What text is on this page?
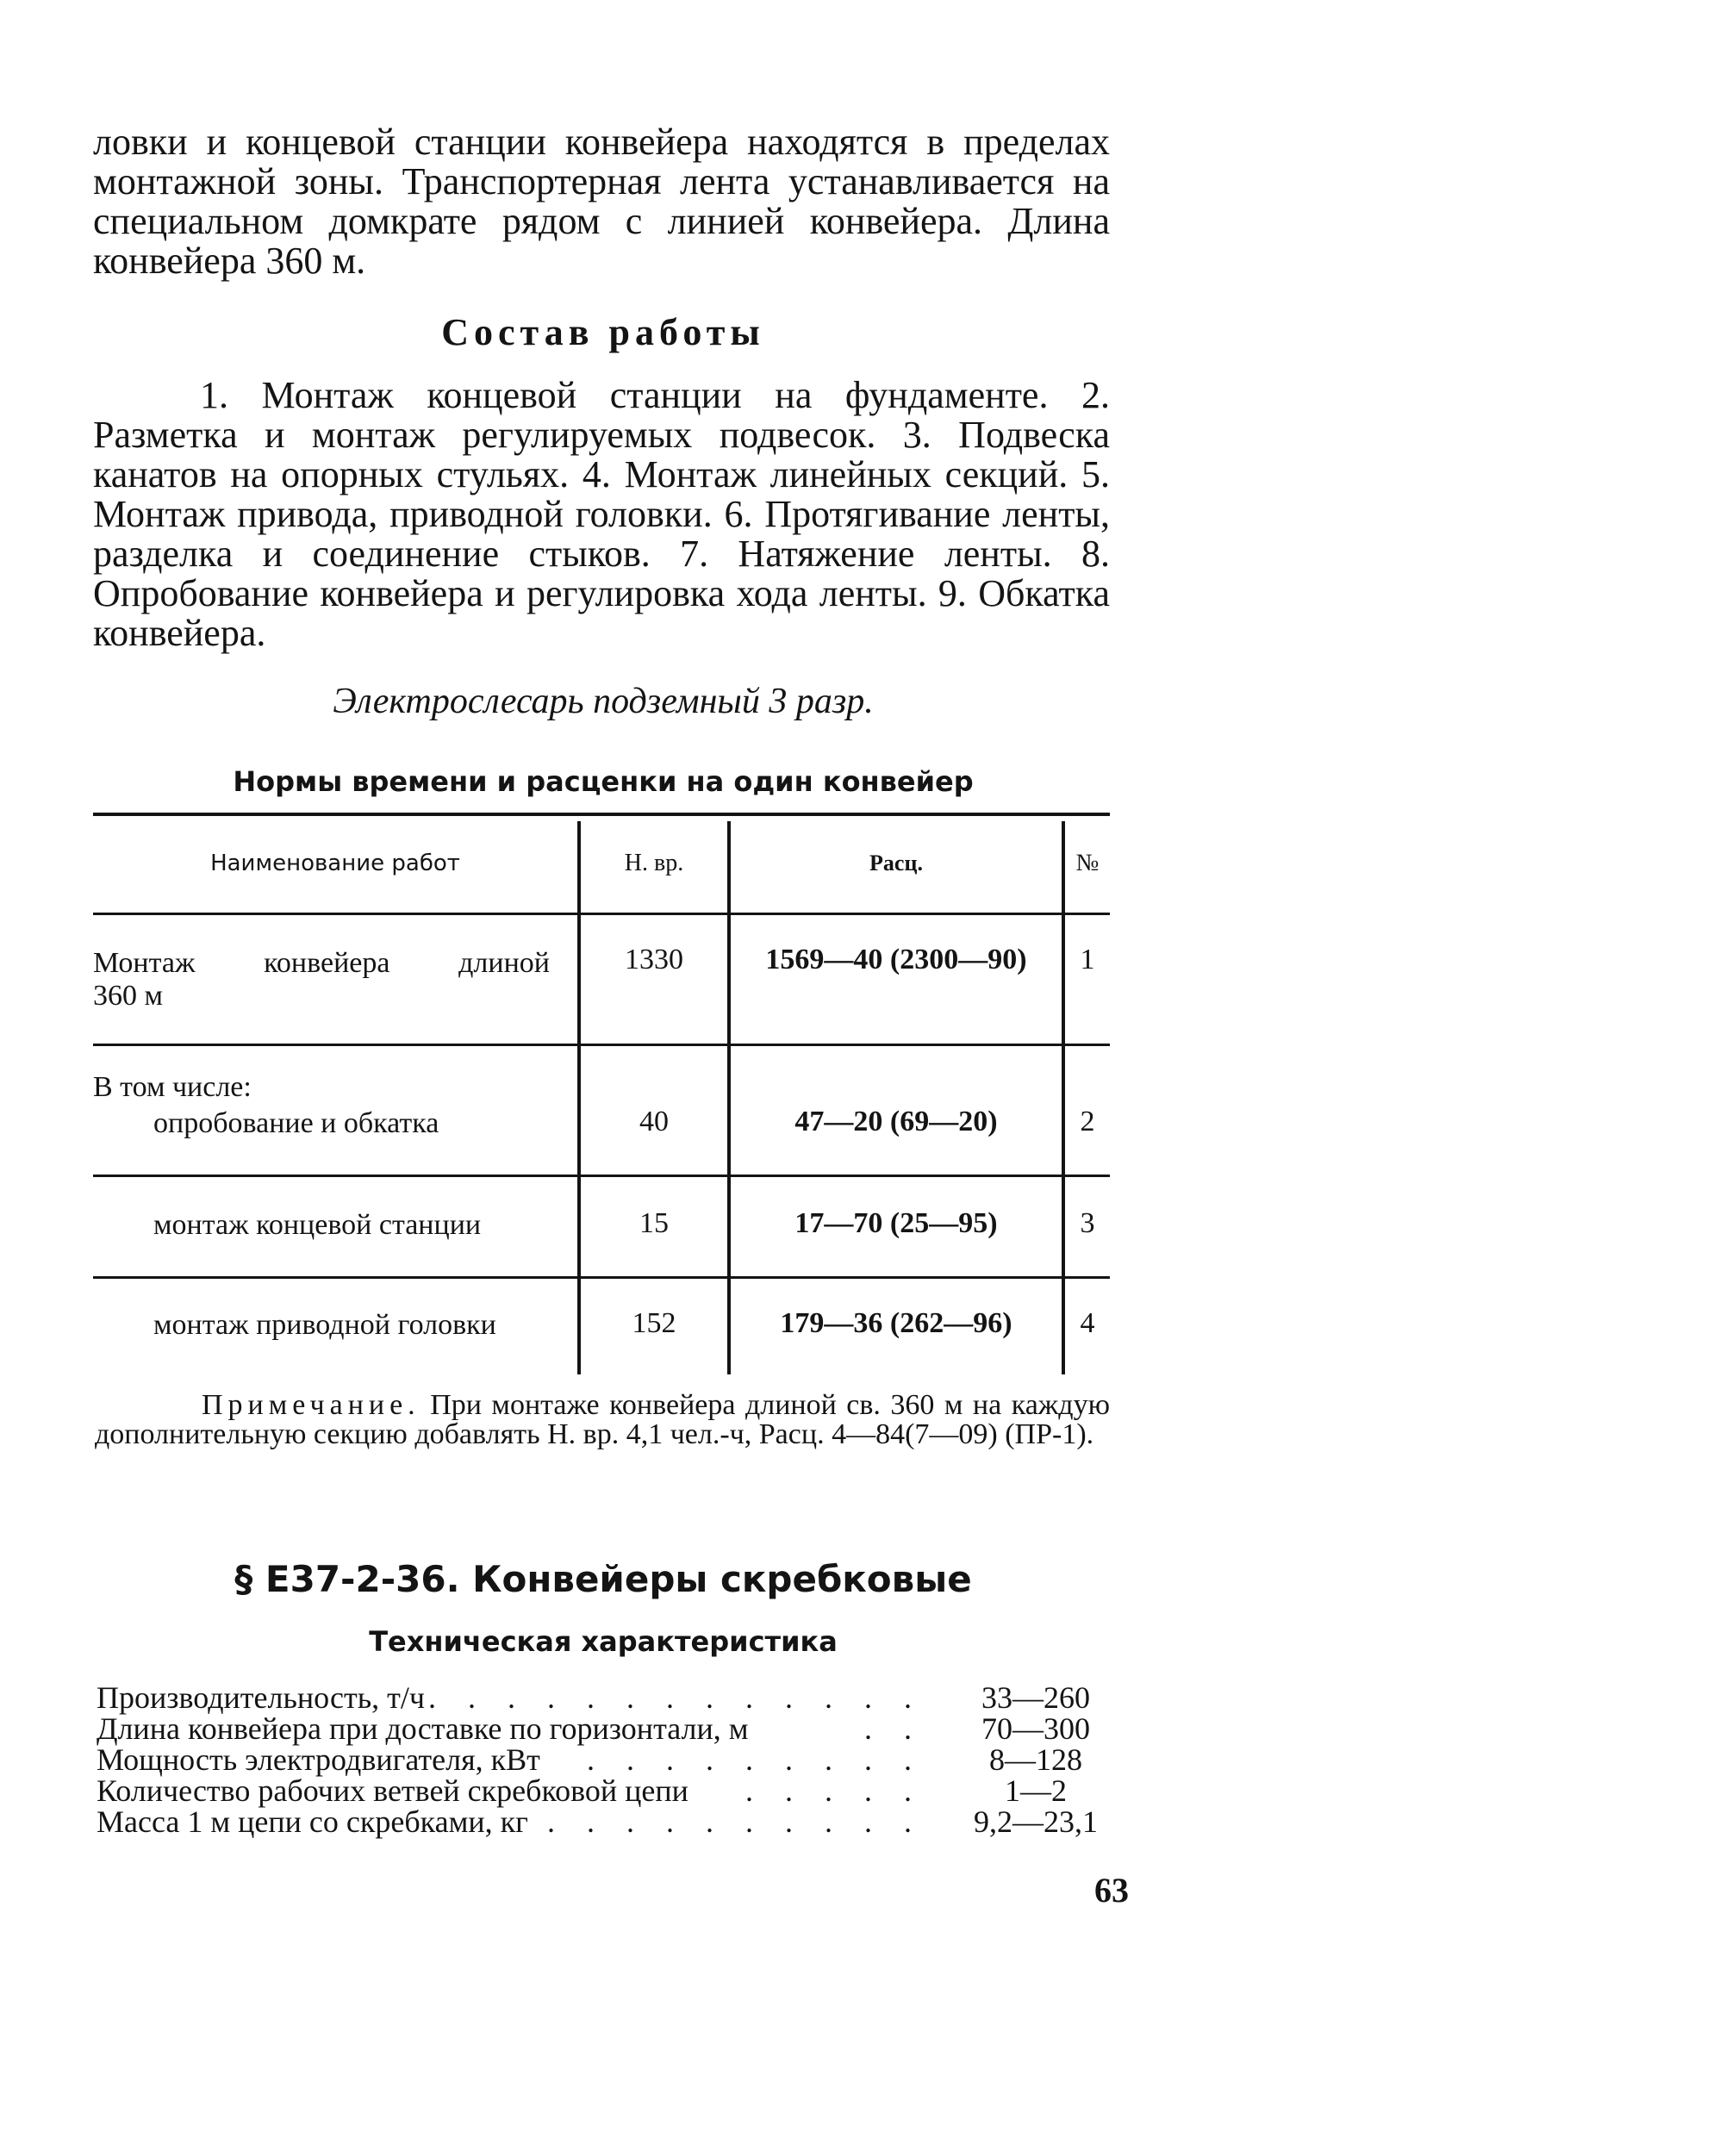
ловки и концевой станции конвейера находятся в пределах монтажной зоны. Транспортерная лента устанавливается на специальном домкрате рядом с линией конвейера. Длина конвейера 360 м.

Состав работы

1. Монтаж концевой станции на фундаменте. 2. Разметка и монтаж регулируемых подвесок. 3. Подвеска канатов на опорных стульях. 4. Монтаж линейных секций. 5. Монтаж привода, приводной головки. 6. Протягивание ленты, разделка и соединение стыков. 7. Натяжение ленты. 8. Опробование конвейера и регулировка хода ленты. 9. Обкатка конвейера.

Электрослесарь подземный 3 разр.
Нормы времени и расценки на один конвейер
Наименование работ	Н. вр.	Расц.	№
Монтаж конвейера длиной
360 м
1330	1569—40 (2300—90)	1
В том числе:
опробование и обкатка	40	47—20 (69—20)	2
монтаж концевой станции	15	17—70 (25—95)	3
монтаж приводной головки	152	179—36 (262—96)	4

Примечание. При монтаже конвейера длиной св. 360 м на каждую дополнительную секцию добавлять Н. вр. 4,1 чел.-ч, Расц. 4—84(7—09) (ПР-1).

§ Е37-2-36. Конвейеры скребковые
Техническая характеристика
Производительность, т/ч . . . . . . . . . . . . .	33—260
Длина конвейера при доставке по горизонтали, м	. .	70—300
Мощность электродвигателя, кВт	. . . . . . . . .	8—128
Количество рабочих ветвей скребковой цепи	. . . . .	1—2
Масса 1 м цепи со скребками, кг . . . . . . . . . .	9,2—23,1
63
